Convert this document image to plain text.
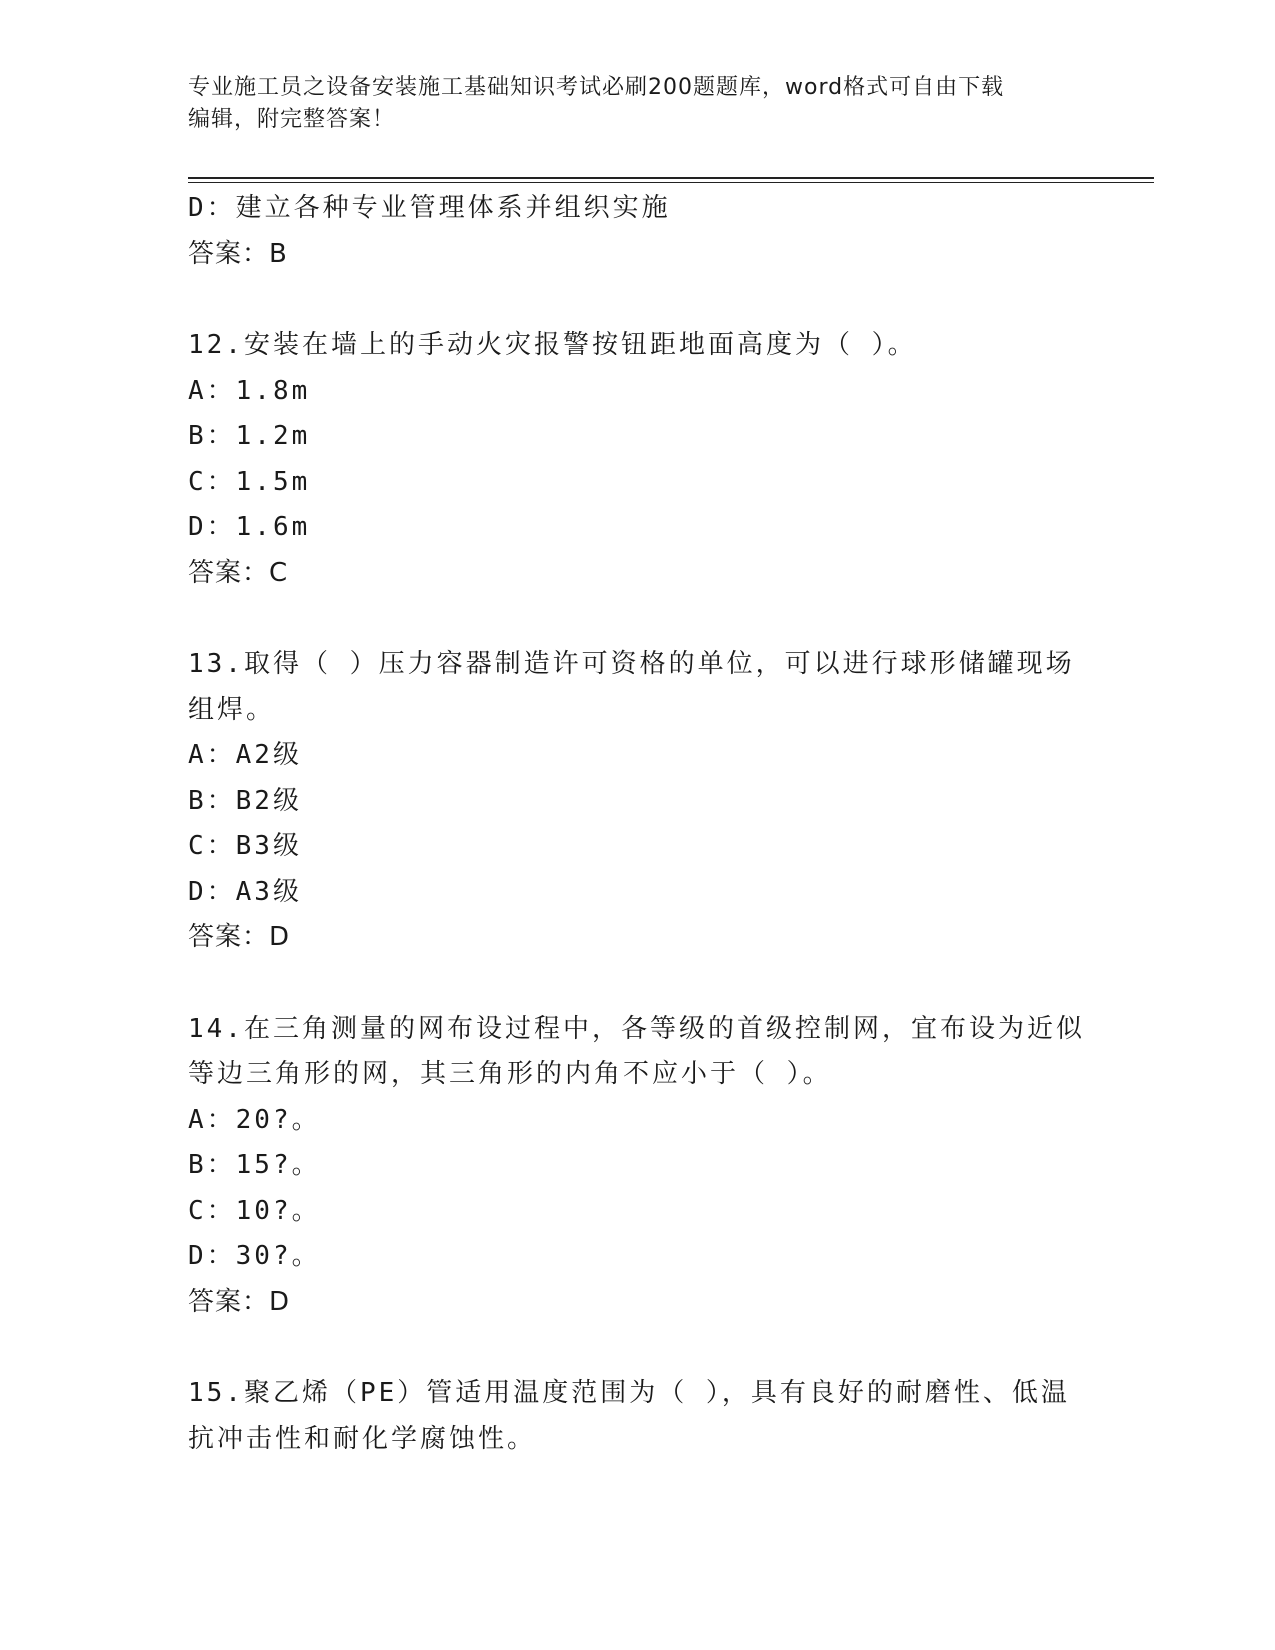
专业施工员之设备安装施工基础知识考试必刷200题题库，word格式可自由下载
编辑，附完整答案！
D：建立各种专业管理体系并组织实施
答案：B
12.安装在墙上的手动火灾报警按钮距地面高度为（ ）。
A：1.8m
B：1.2m
C：1.5m
D：1.6m
答案：C
13.取得（ ）压力容器制造许可资格的单位，可以进行球形储罐现场
组焊。
A：A2级
B：B2级
C：B3级
D：A3级
答案：D
14.在三角测量的网布设过程中，各等级的首级控制网，宜布设为近似
等边三角形的网，其三角形的内角不应小于（ ）。
A：20?。
B：15?。
C：10?。
D：30?。
答案：D
15.聚乙烯（PE）管适用温度范围为（ ），具有良好的耐磨性、低温
抗冲击性和耐化学腐蚀性。
